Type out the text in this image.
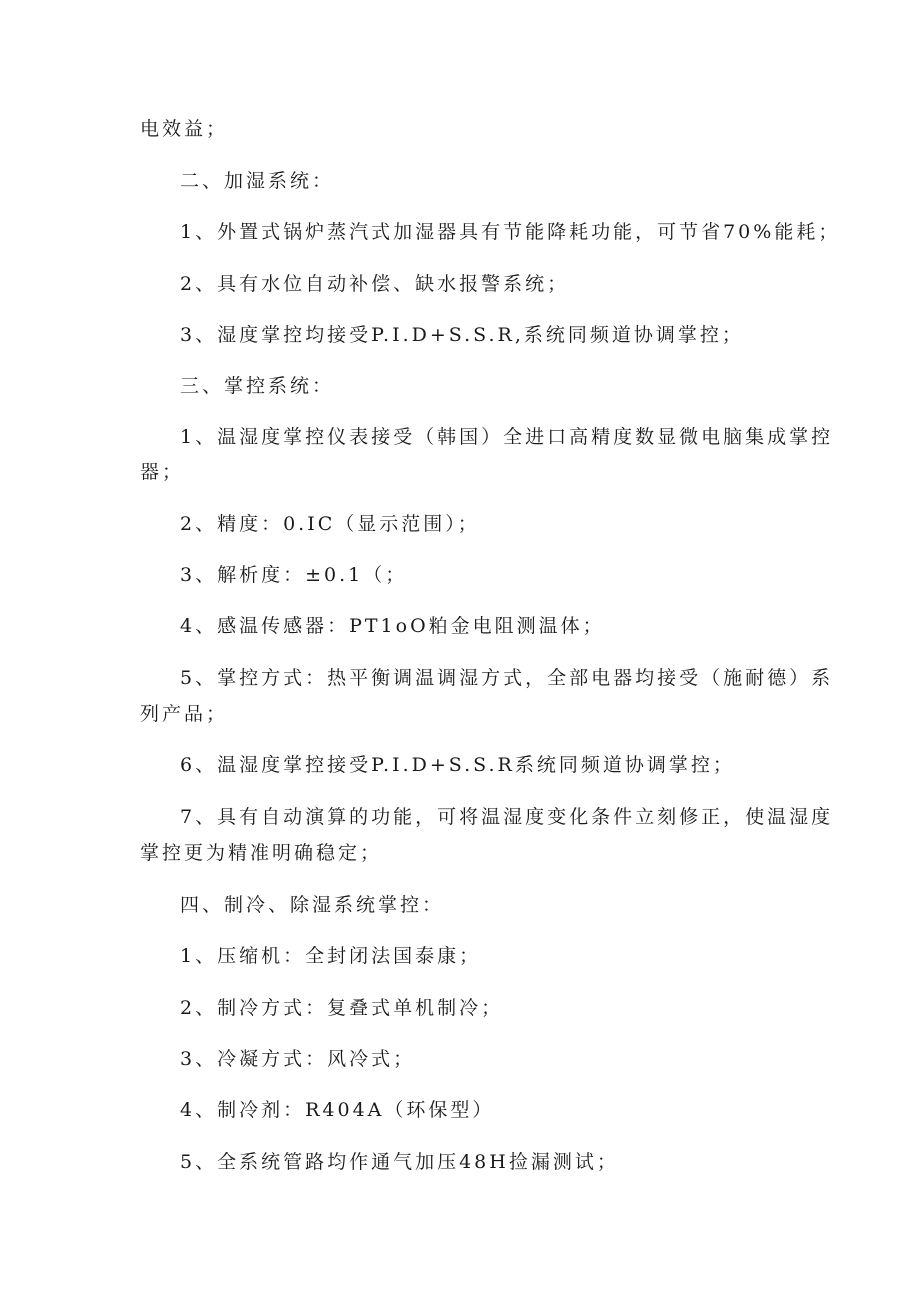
电效益；
二、加湿系统：
1、外置式锅炉蒸汽式加湿器具有节能降耗功能，可节省70%能耗；
2、具有水位自动补偿、缺水报警系统；
3、湿度掌控均接受P.I.D+S.S.R,系统同频道协调掌控；
三、掌控系统：
1、温湿度掌控仪表接受（韩国）全进口高精度数显微电脑集成掌控
器；
2、精度：0.IC（显示范围）；
3、解析度：±0.1（；
4、感温传感器：PT1oO粕金电阻测温体；
5、掌控方式：热平衡调温调湿方式，全部电器均接受（施耐德）系
列产品；
6、温湿度掌控接受P.I.D+S.S.R系统同频道协调掌控；
7、具有自动演算的功能，可将温湿度变化条件立刻修正，使温湿度
掌控更为精准明确稳定；
四、制冷、除湿系统掌控：
1、压缩机：全封闭法国泰康；
2、制冷方式：复叠式单机制冷；
3、冷凝方式：风冷式；
4、制冷剂：R404A（环保型）
5、全系统管路均作通气加压48H捡漏测试；
